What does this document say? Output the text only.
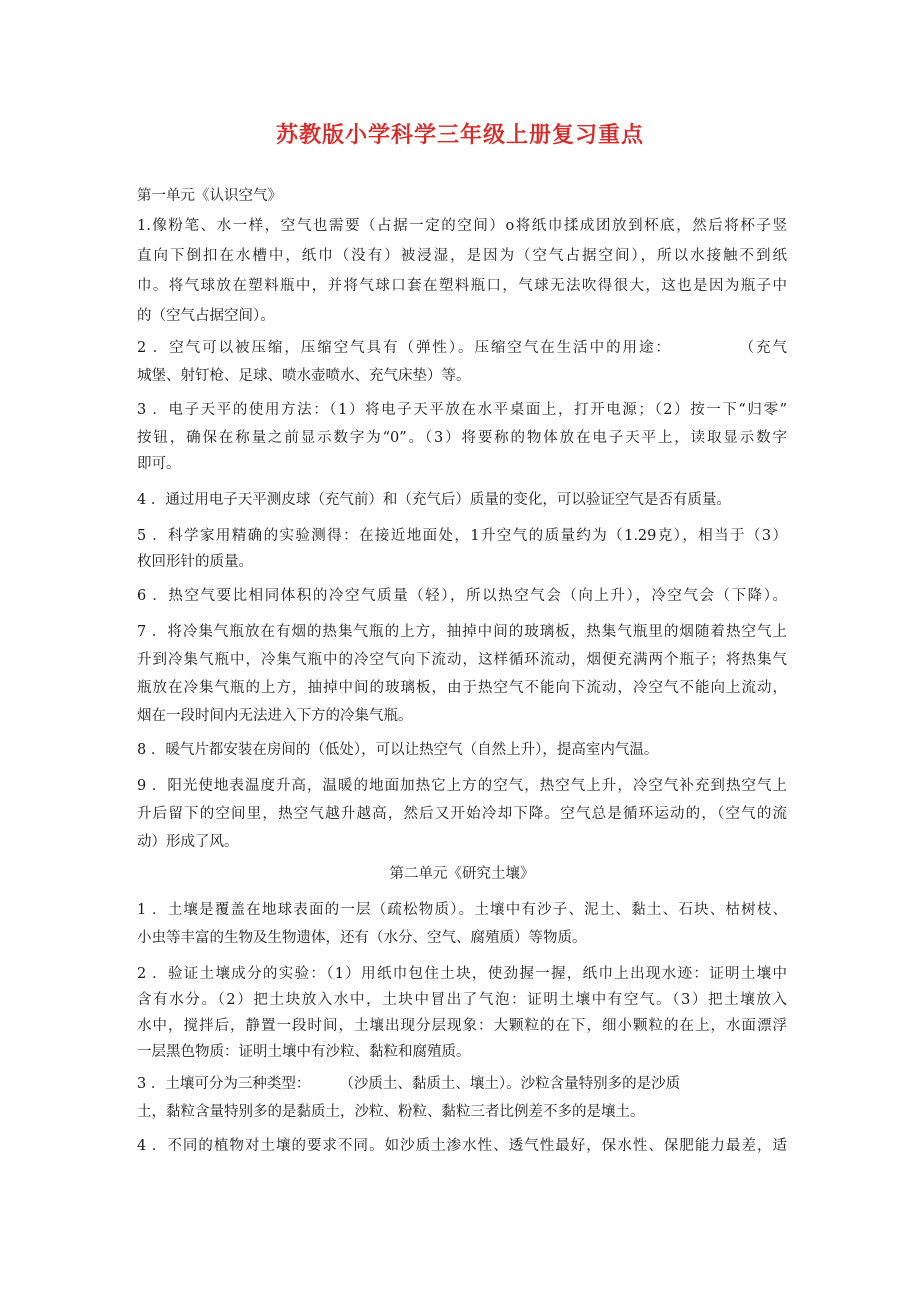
苏教版小学科学三年级上册复习重点
第一单元《认识空气》
1.像粉笔、水一样，空气也需要（占据一定的空间）o将纸巾揉成团放到杯底，然后将杯子竖
直向下倒扣在水槽中，纸巾（没有）被浸湿，是因为（空气占据空间），所以水接触不到纸
巾。将气球放在塑料瓶中，并将气球口套在塑料瓶口，气球无法吹得很大，这也是因为瓶子中
的（空气占据空间）。
2 ．空气可以被压缩，压缩空气具有（弹性）。压缩空气在生活中的用途：　　　　　（充气
城堡、射钉枪、足球、喷水壶喷水、充气床垫）等。
3 ．电子天平的使用方法：（1）将电子天平放在水平桌面上，打开电源；（2）按一下“归零”
按钮，确保在称量之前显示数字为“0”。（3）将要称的物体放在电子天平上，读取显示数字
即可。
4 ．通过用电子天平测皮球（充气前）和（充气后）质量的变化，可以验证空气是否有质量。
5 ．科学家用精确的实验测得：在接近地面处，1升空气的质量约为（1.29克），相当于（3）
枚回形针的质量。
6 ．热空气要比相同体积的冷空气质量（轻），所以热空气会（向上升），冷空气会（下降）。
7 ．将冷集气瓶放在有烟的热集气瓶的上方，抽掉中间的玻璃板，热集气瓶里的烟随着热空气上
升到冷集气瓶中，冷集气瓶中的冷空气向下流动，这样循环流动，烟便充满两个瓶子；将热集气
瓶放在冷集气瓶的上方，抽掉中间的玻璃板，由于热空气不能向下流动，冷空气不能向上流动，
烟在一段时间内无法进入下方的冷集气瓶。
8 ．暖气片都安装在房间的（低处），可以让热空气（自然上升），提高室内气温。
9 ．阳光使地表温度升高，温暖的地面加热它上方的空气，热空气上升，冷空气补充到热空气上
升后留下的空间里，热空气越升越高，然后又开始冷却下降。空气总是循环运动的，（空气的流
动）形成了风。
第二单元《研究土壤》
1 ．土壤是覆盖在地球表面的一层（疏松物质）。土壤中有沙子、泥土、黏土、石块、枯树枝、
小虫等丰富的生物及生物遗体，还有（水分、空气、腐殖质）等物质。
2 ．验证土壤成分的实验：（1）用纸巾包住土块，使劲握一握，纸巾上出现水迹：证明土壤中
含有水分。（2）把土块放入水中，土块中冒出了气泡：证明土壤中有空气。（3）把土壤放入
水中，搅拌后，静置一段时间，土壤出现分层现象：大颗粒的在下，细小颗粒的在上，水面漂浮
一层黑色物质：证明土壤中有沙粒、黏粒和腐殖质。
3 ．土壤可分为三种类型：　　　（沙质土、黏质土、壤土）。沙粒含量特别多的是沙质
土，黏粒含量特别多的是黏质土，沙粒、粉粒、黏粒三者比例差不多的是壤土。
4 ．不同的植物对土壤的要求不同。如沙质土渗水性、透气性最好，保水性、保肥能力最差，适
